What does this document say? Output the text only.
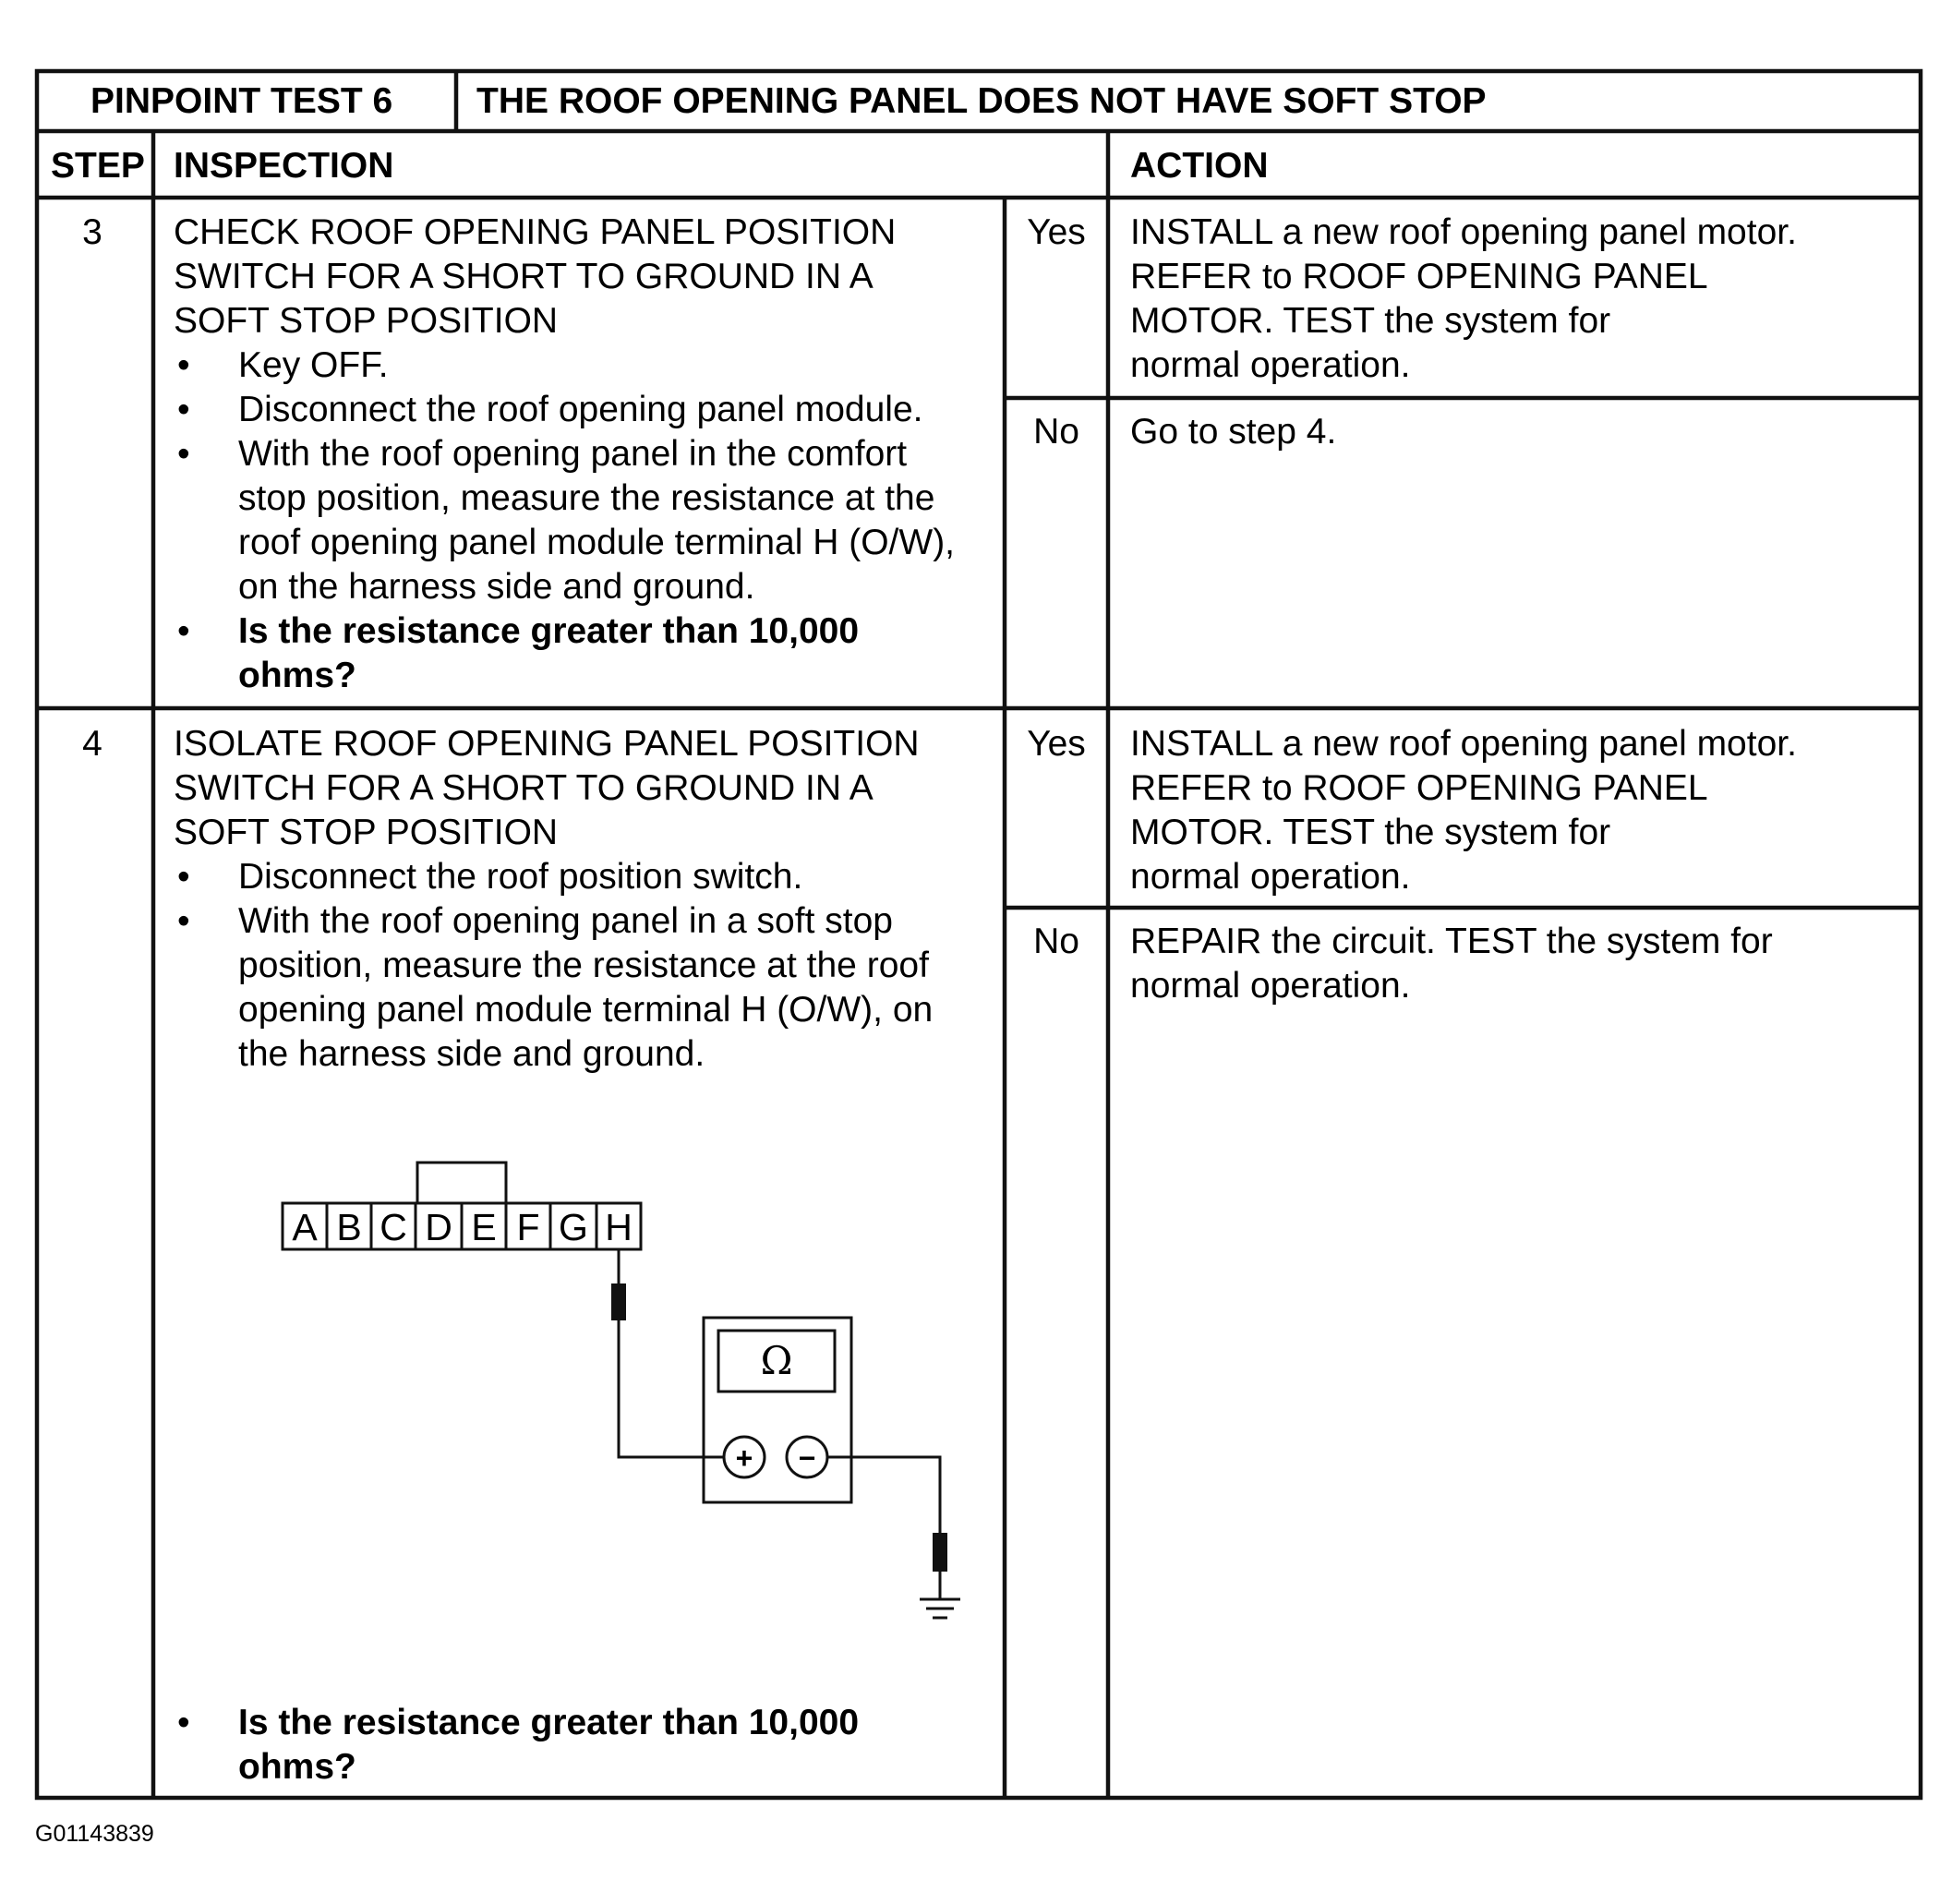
PINPOINT TEST 6 THE ROOF OPENING PANEL DOES NOT HAVE SOFT STOP
STEP INSPECTION	ACTION
3 CHECK ROOF OPENING PANEL POSITION
SWITCH FOR A SHORT TO GROUND IN A
SOFT STOP POSITION
• Key OFF.
• Disconnect the roof opening panel module.
• With the roof opening panel in the comfort
stop position, measure the resistance at the
roof opening panel module terminal H (O/W),
on the harness side and ground.
• Is the resistance greater than 10,000
ohms?
Yes INSTALL a new roof opening panel motor.
REFER to ROOF OPENING PANEL
MOTOR. TEST the system for
normal operation.
No Go to step 4.
4 ISOLATE ROOF OPENING PANEL POSITION
SWITCH FOR A SHORT TO GROUND IN A
SOFT STOP POSITION
• Disconnect the roof position switch.
• With the roof opening panel in a soft stop
position, measure the resistance at the roof
opening panel module terminal H (O/W), on
the harness side and ground.
• Is the resistance greater than 10,000
ohms?
Yes INSTALL a new roof opening panel motor.
REFER to ROOF OPENING PANEL
MOTOR. TEST the system for
normal operation.
No REPAIR the circuit. TEST the system for
normal operation.
A B C D E F G H
Ω
+ −
G01143839
